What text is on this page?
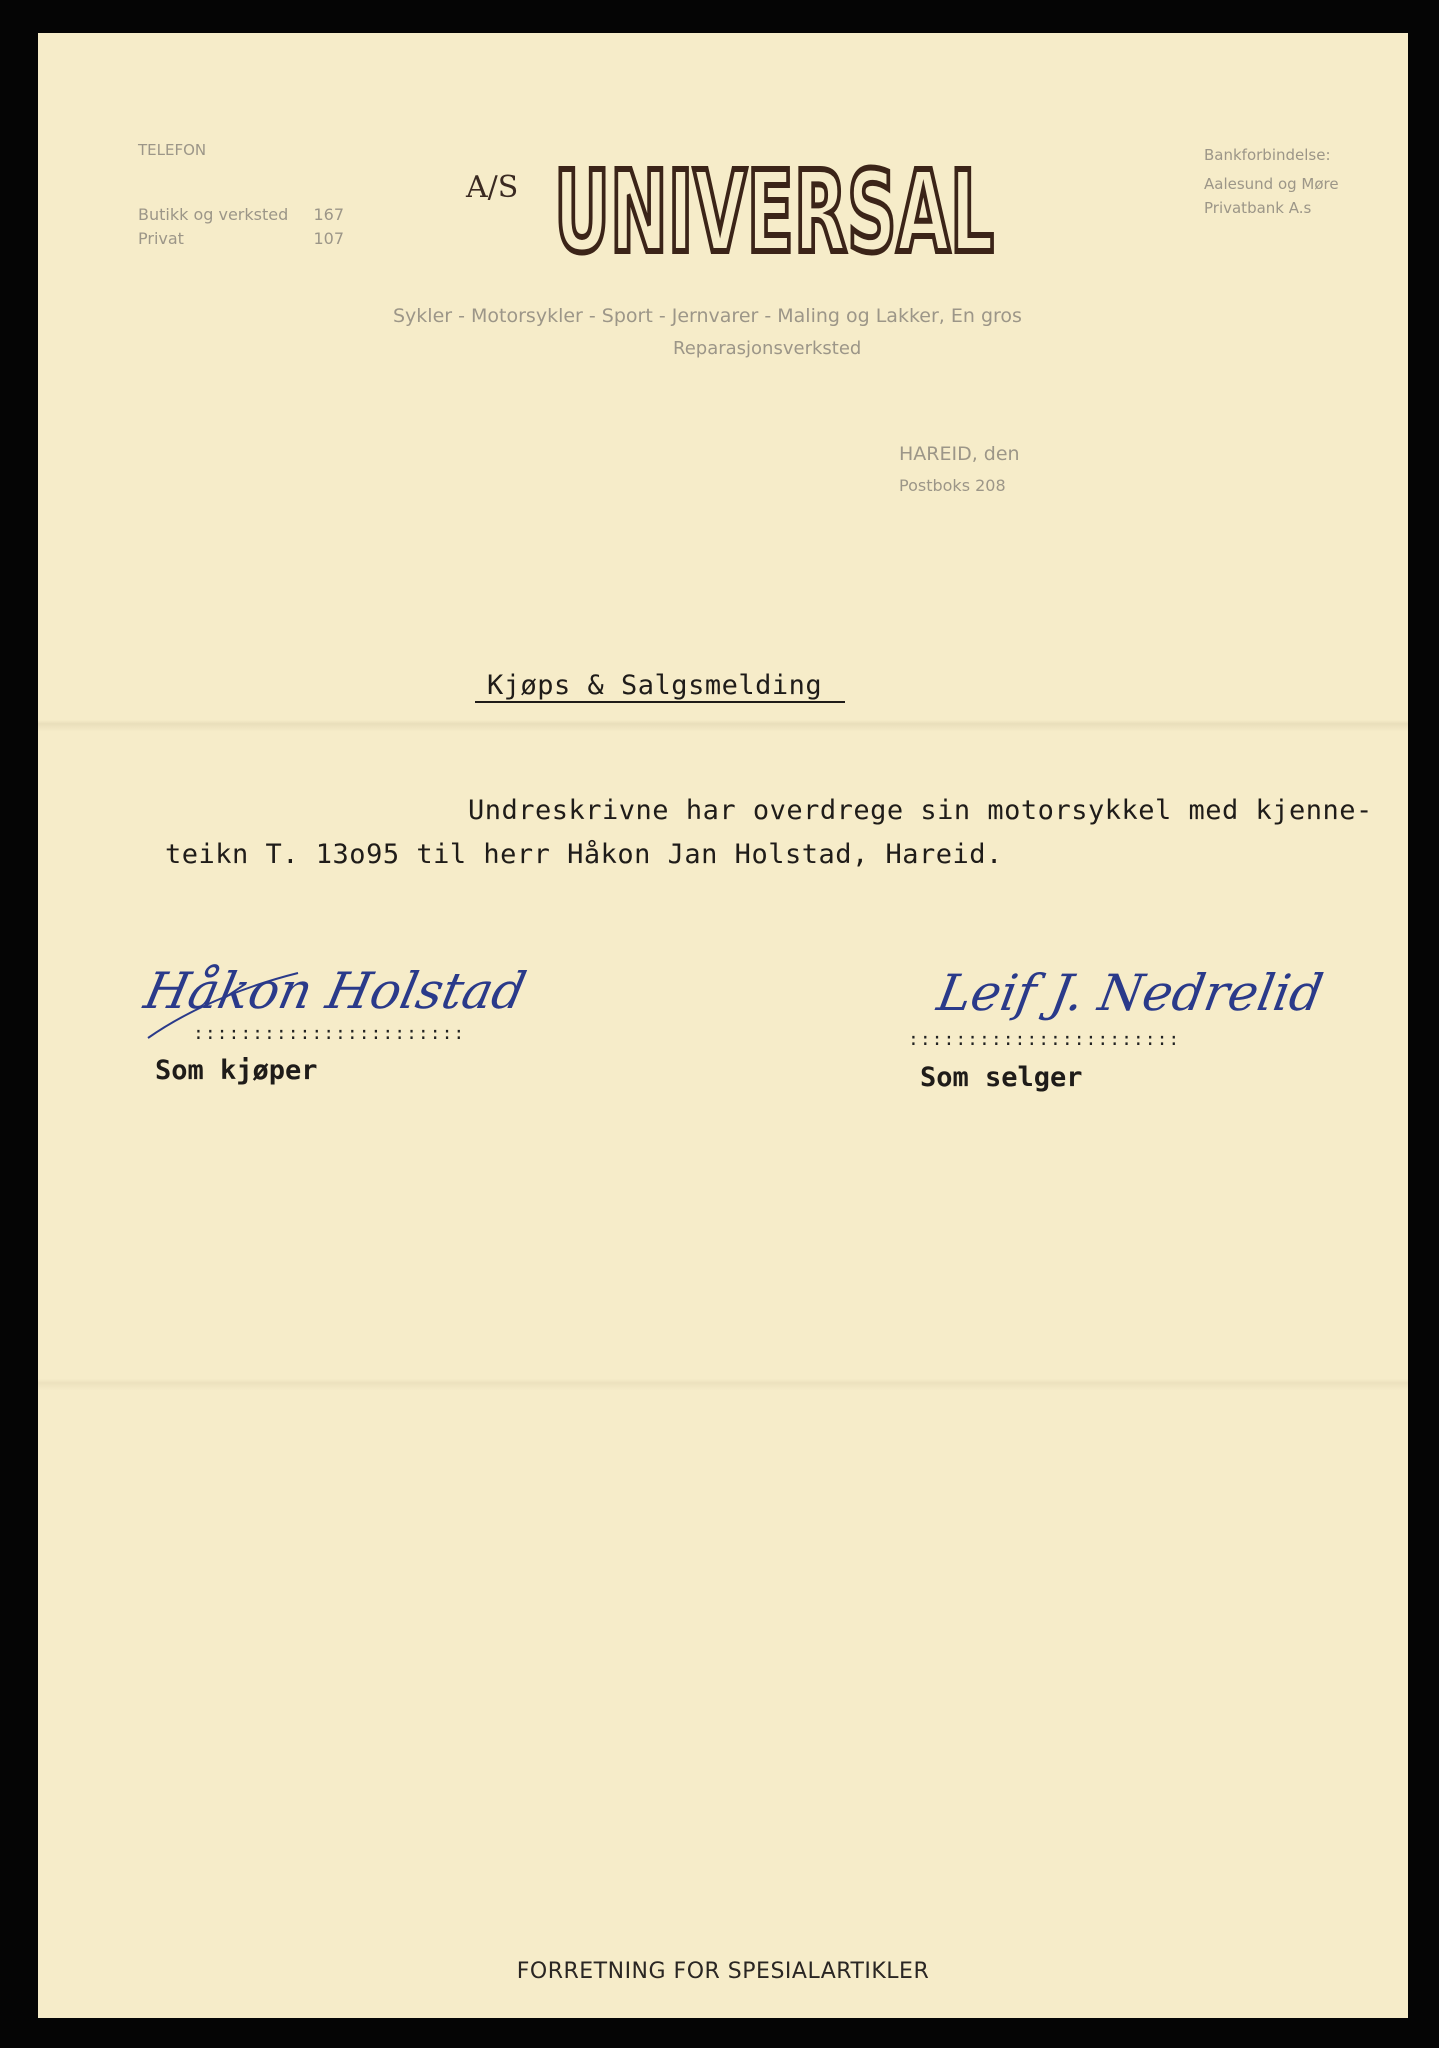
TELEFON
Butikk og verksted 167
Privat	107
A/S UNIVERSAL	Bankforbindelse:
Aalesund og Møre
Privatbank A.s
Sykler - Motorsykler - Sport - Jernvarer - Maling og Lakker, En gros
Reparasjonsverksted
HAREID, den
Postboks 208
Kjøps & Salgsmelding
Undreskrivne har overdrege sin motorsykkel med kjenne-
teikn T. 13o95 til herr Håkon Jan Holstad, Hareid.
Håkon Holstad
:::::::::::::::::::::::
Som kjøper
Leif J. Nedrelid
:::::::::::::::::::::::
Som selger
FORRETNING FOR SPESIALARTIKLER
